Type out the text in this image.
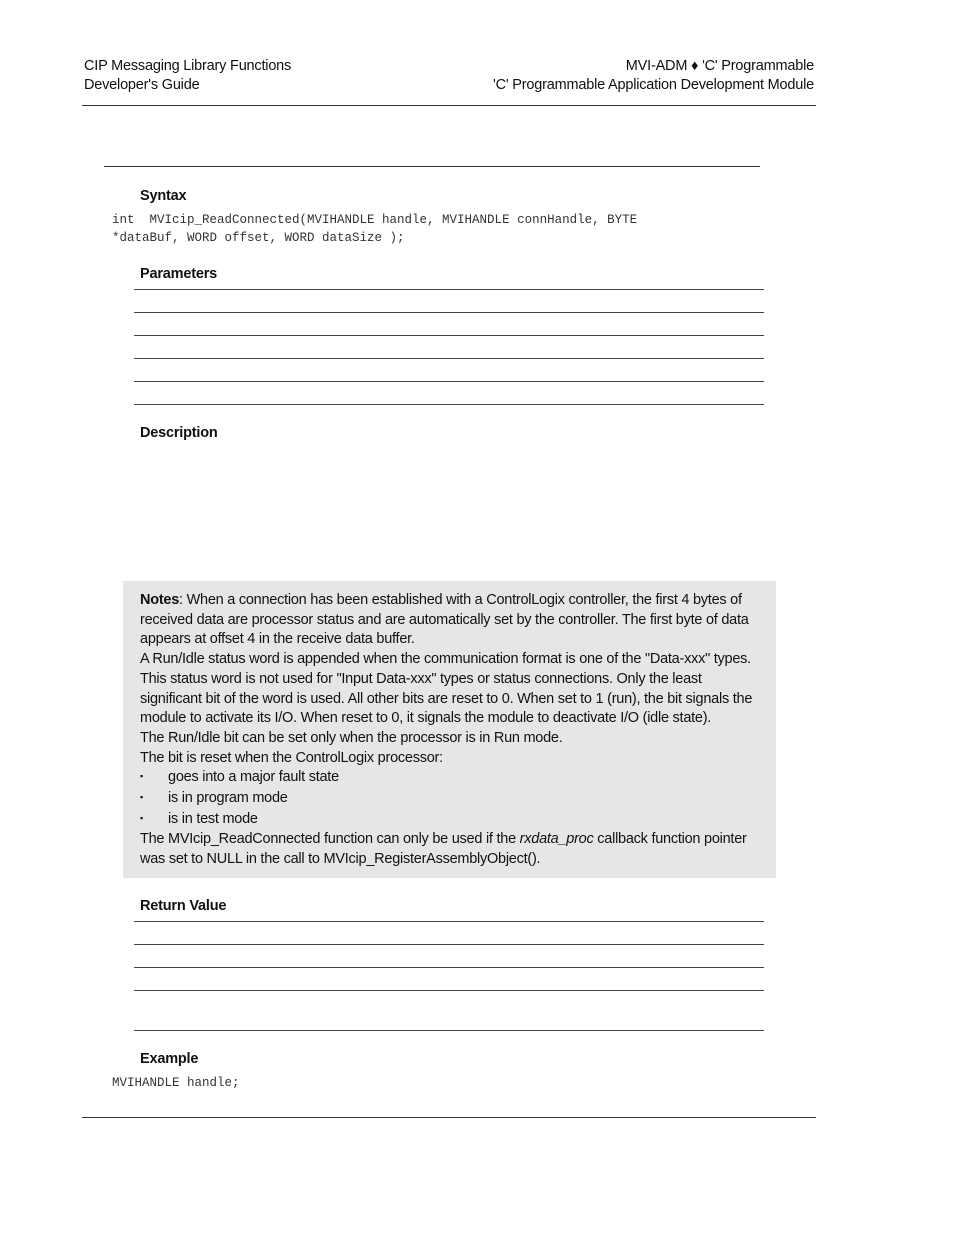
CIP Messaging Library Functions
Developer's Guide
MVI-ADM ♦ 'C' Programmable
'C' Programmable Application Development Module
Syntax
int  MVIcip_ReadConnected(MVIHANDLE handle, MVIHANDLE connHandle, BYTE
*dataBuf, WORD offset, WORD dataSize );
Parameters
Description

Notes: When a connection has been established with a ControlLogix controller, the first 4 bytes of received data are processor status and are automatically set by the controller. The first byte of data appears at offset 4 in the receive data buffer.

A Run/Idle status word is appended when the communication format is one of the "Data-xxx" types. This status word is not used for "Input Data-xxx" types or status connections. Only the least significant bit of the word is used. All other bits are reset to 0. When set to 1 (run), the bit signals the module to activate its I/O. When reset to 0, it signals the module to deactivate I/O (idle state).

The Run/Idle bit can be set only when the processor is in Run mode.

The bit is reset when the ControlLogix processor:

▪	goes into a major fault state
▪	is in program mode
▪	is in test mode

The MVIcip_ReadConnected function can only be used if the rxdata_proc callback function pointer was set to NULL in the call to MVIcip_RegisterAssemblyObject().

Return Value
Example
MVIHANDLE handle;
